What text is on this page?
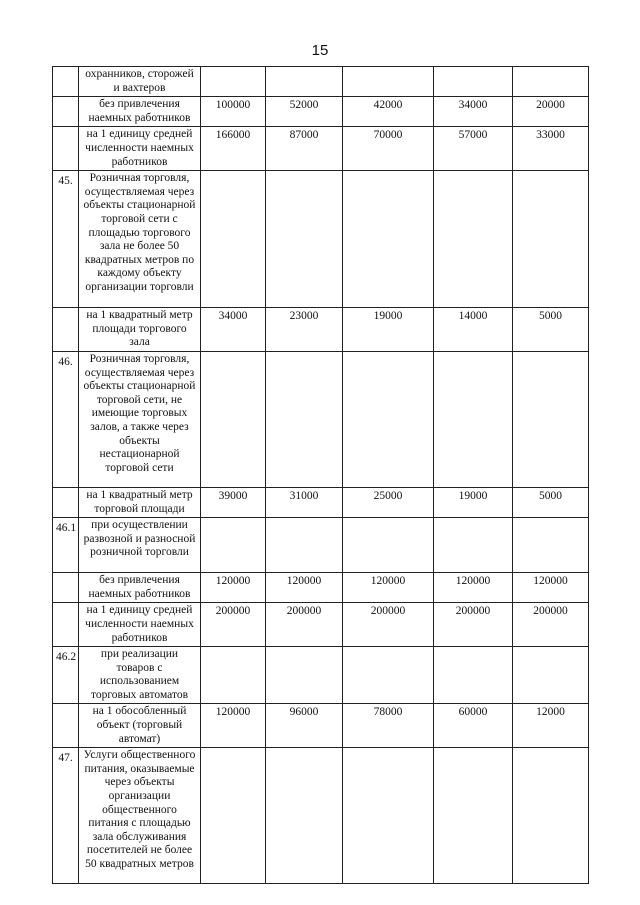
15
	охранников, сторожей и вахтеров					
	без привлечения наемных работников	100000	52000	42000	34000	20000
	на 1 единицу средней численности наемных работников	166000	87000	70000	57000	33000
45.	Розничная торговля, осуществляемая через объекты стационарной торговой сети с площадью торгового зала не более 50 квадратных метров по каждому объекту организации торговли					
	на 1 квадратный метр площади торгового зала	34000	23000	19000	14000	5000
46.	Розничная торговля, осуществляемая через объекты стационарной торговой сети, не имеющие торговых залов, а также через объекты нестационарной торговой сети					
	на 1 квадратный метр торговой площади	39000	31000	25000	19000	5000
46.1	при осуществлении развозной и разносной розничной торговли					
	без привлечения наемных работников	120000	120000	120000	120000	120000
	на 1 единицу средней численности наемных работников	200000	200000	200000	200000	200000
46.2	при реализации товаров с использованием торговых автоматов					
	на 1 обособленный объект (торговый автомат)	120000	96000	78000	60000	12000
47.	Услуги общественного питания, оказываемые через объекты организации общественного питания с площадью зала обслуживания посетителей не более 50 квадратных метров					
